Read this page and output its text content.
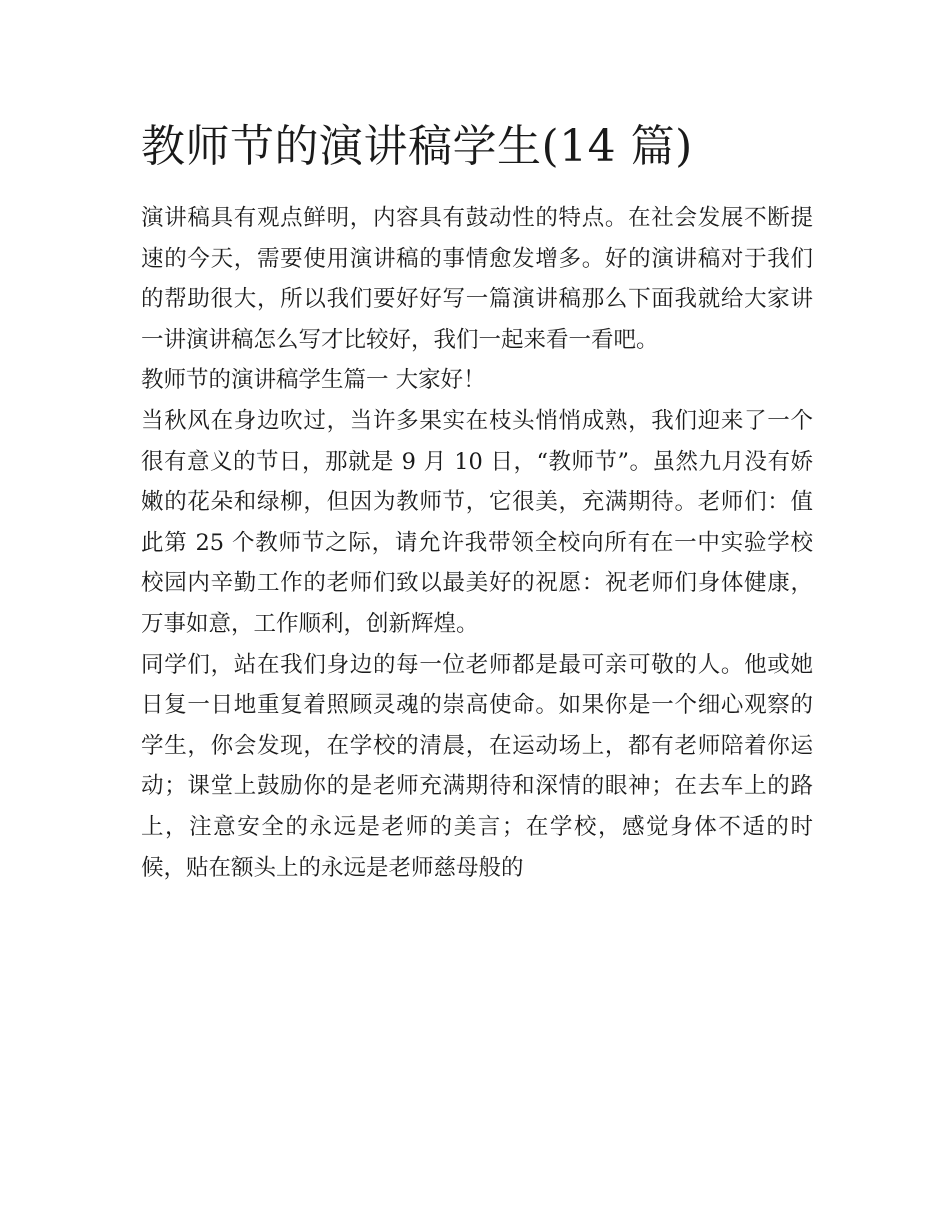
教师节的演讲稿学生(14 篇)

演讲稿具有观点鲜明，内容具有鼓动性的特点。在社会发展不断提速的今天，需要使用演讲稿的事情愈发增多。好的演讲稿对于我们的帮助很大，所以我们要好好写一篇演讲稿那么下面我就给大家讲一讲演讲稿怎么写才比较好，我们一起来看一看吧。

教师节的演讲稿学生篇一 大家好！

当秋风在身边吹过，当许多果实在枝头悄悄成熟，我们迎来了一个很有意义的节日，那就是 9 月 10 日，“教师节”。虽然九月没有娇嫩的花朵和绿柳，但因为教师节，它很美，充满期待。老师们：值此第 25 个教师节之际，请允许我带领全校向所有在一中实验学校校园内辛勤工作的老师们致以最美好的祝愿：祝老师们身体健康，万事如意，工作顺利，创新辉煌。

同学们，站在我们身边的每一位老师都是最可亲可敬的人。他或她日复一日地重复着照顾灵魂的崇高使命。如果你是一个细心观察的学生，你会发现，在学校的清晨，在运动场上，都有老师陪着你运动；课堂上鼓励你的是老师充满期待和深情的眼神；在去车上的路上，注意安全的永远是老师的美言；在学校，感觉身体不适的时候，贴在额头上的永远是老师慈母般的
